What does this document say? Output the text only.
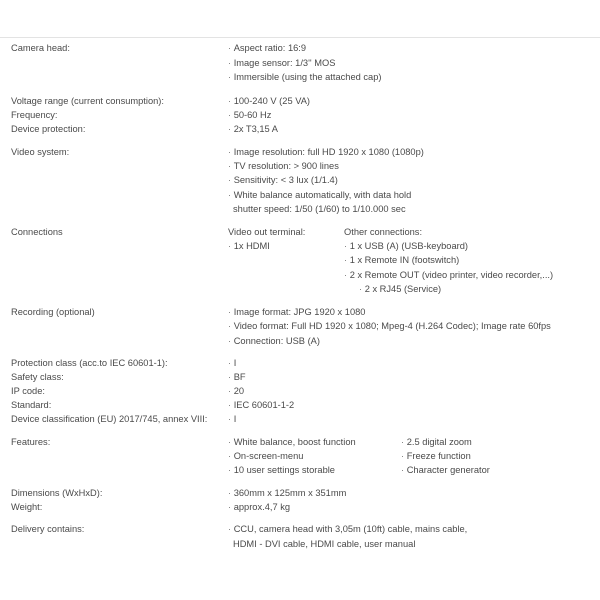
Camera head:	· Aspect ratio: 16:9
· Image sensor: 1/3'' MOS
· Immersible (using the attached cap)
Voltage range (current consumption):	· 100-240 V (25 VA)
Frequency:	· 50-60 Hz
Device protection:	· 2x T3,15 A
Video system:	· Image resolution: full HD 1920 x 1080 (1080p)
· TV resolution: > 900 lines
· Sensitivity: < 3 lux (1/1.4)
· White balance automatically, with data hold
shutter speed: 1/50 (1/60) to 1/10.000 sec
Connections	Video out terminal:
· 1x HDMI
Other connections:
· 1 x USB (A) (USB-keyboard)
· 1 x Remote IN (footswitch)
· 2 x Remote OUT (video printer, video recorder,...)
· 2 x RJ45 (Service)
Recording (optional)	· Image format: JPG 1920 x 1080
· Video format: Full HD 1920 x 1080; Mpeg-4 (H.264 Codec); Image rate 60fps
· Connection: USB (A)
Protection class (acc.to IEC 60601-1):	· I
Safety class:	· BF
IP code:	· 20
Standard:	· IEC 60601-1-2
Device classification (EU) 2017/745, annex VIII:	· I
Features:	· White balance, boost function
· On-screen-menu
· 10 user settings storable
· 2.5 digital zoom
· Freeze function
· Character generator
Dimensions (WxHxD):	· 360mm x 125mm x 351mm
Weight:	· approx.4,7 kg
Delivery contains:	· CCU, camera head with 3,05m (10ft) cable, mains cable,
HDMI - DVI cable, HDMI cable, user manual
